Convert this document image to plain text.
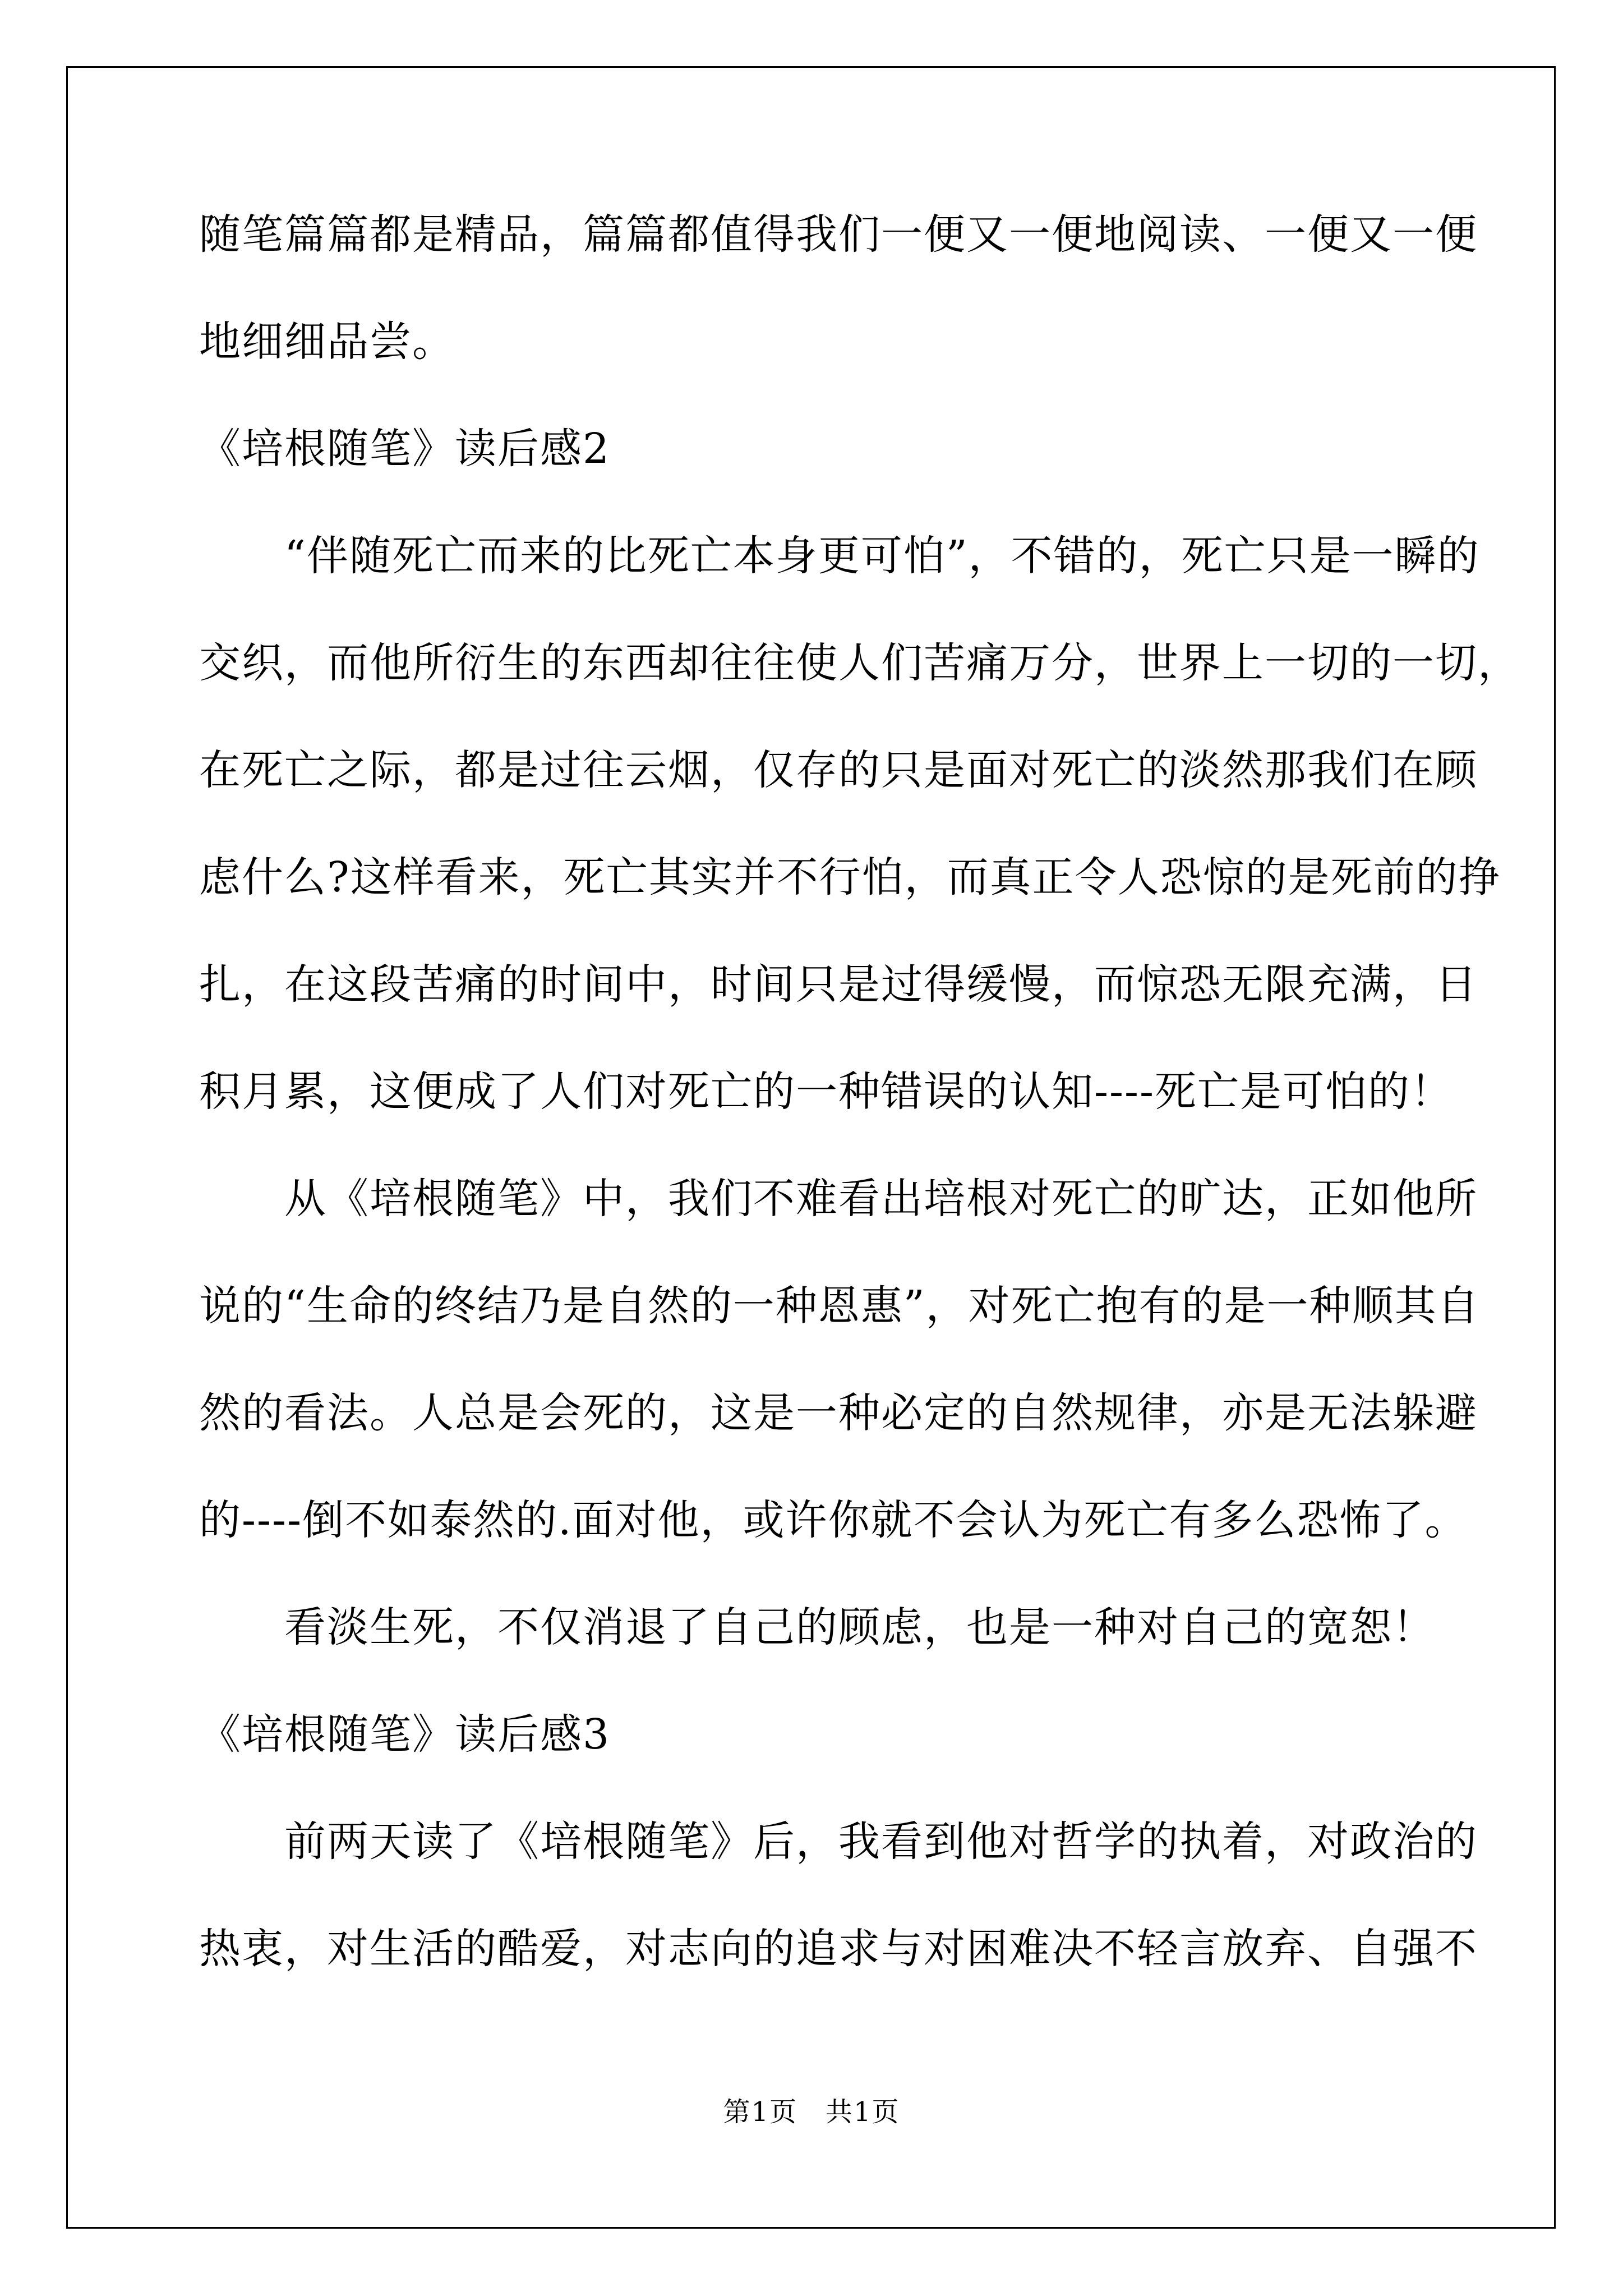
随笔篇篇都是精品，篇篇都值得我们一便又一便地阅读、一便又一便
地细细品尝。
《培根随笔》读后感2
　　“伴随死亡而来的比死亡本身更可怕”，不错的，死亡只是一瞬的
交织，而他所衍生的东西却往往使人们苦痛万分，世界上一切的一切，
在死亡之际，都是过往云烟，仅存的只是面对死亡的淡然那我们在顾
虑什么?这样看来，死亡其实并不行怕，而真正令人恐惊的是死前的挣
扎，在这段苦痛的时间中，时间只是过得缓慢，而惊恐无限充满，日
积月累，这便成了人们对死亡的一种错误的认知----死亡是可怕的！
　　从《培根随笔》中，我们不难看出培根对死亡的旷达，正如他所
说的“生命的终结乃是自然的一种恩惠”，对死亡抱有的是一种顺其自
然的看法。人总是会死的，这是一种必定的自然规律，亦是无法躲避
的----倒不如泰然的.面对他，或许你就不会认为死亡有多么恐怖了。
　　看淡生死，不仅消退了自己的顾虑，也是一种对自己的宽恕！
《培根随笔》读后感3
　　前两天读了《培根随笔》后，我看到他对哲学的执着，对政治的
热衷，对生活的酷爱，对志向的追求与对困难决不轻言放弃、自强不
第1页　共1页
